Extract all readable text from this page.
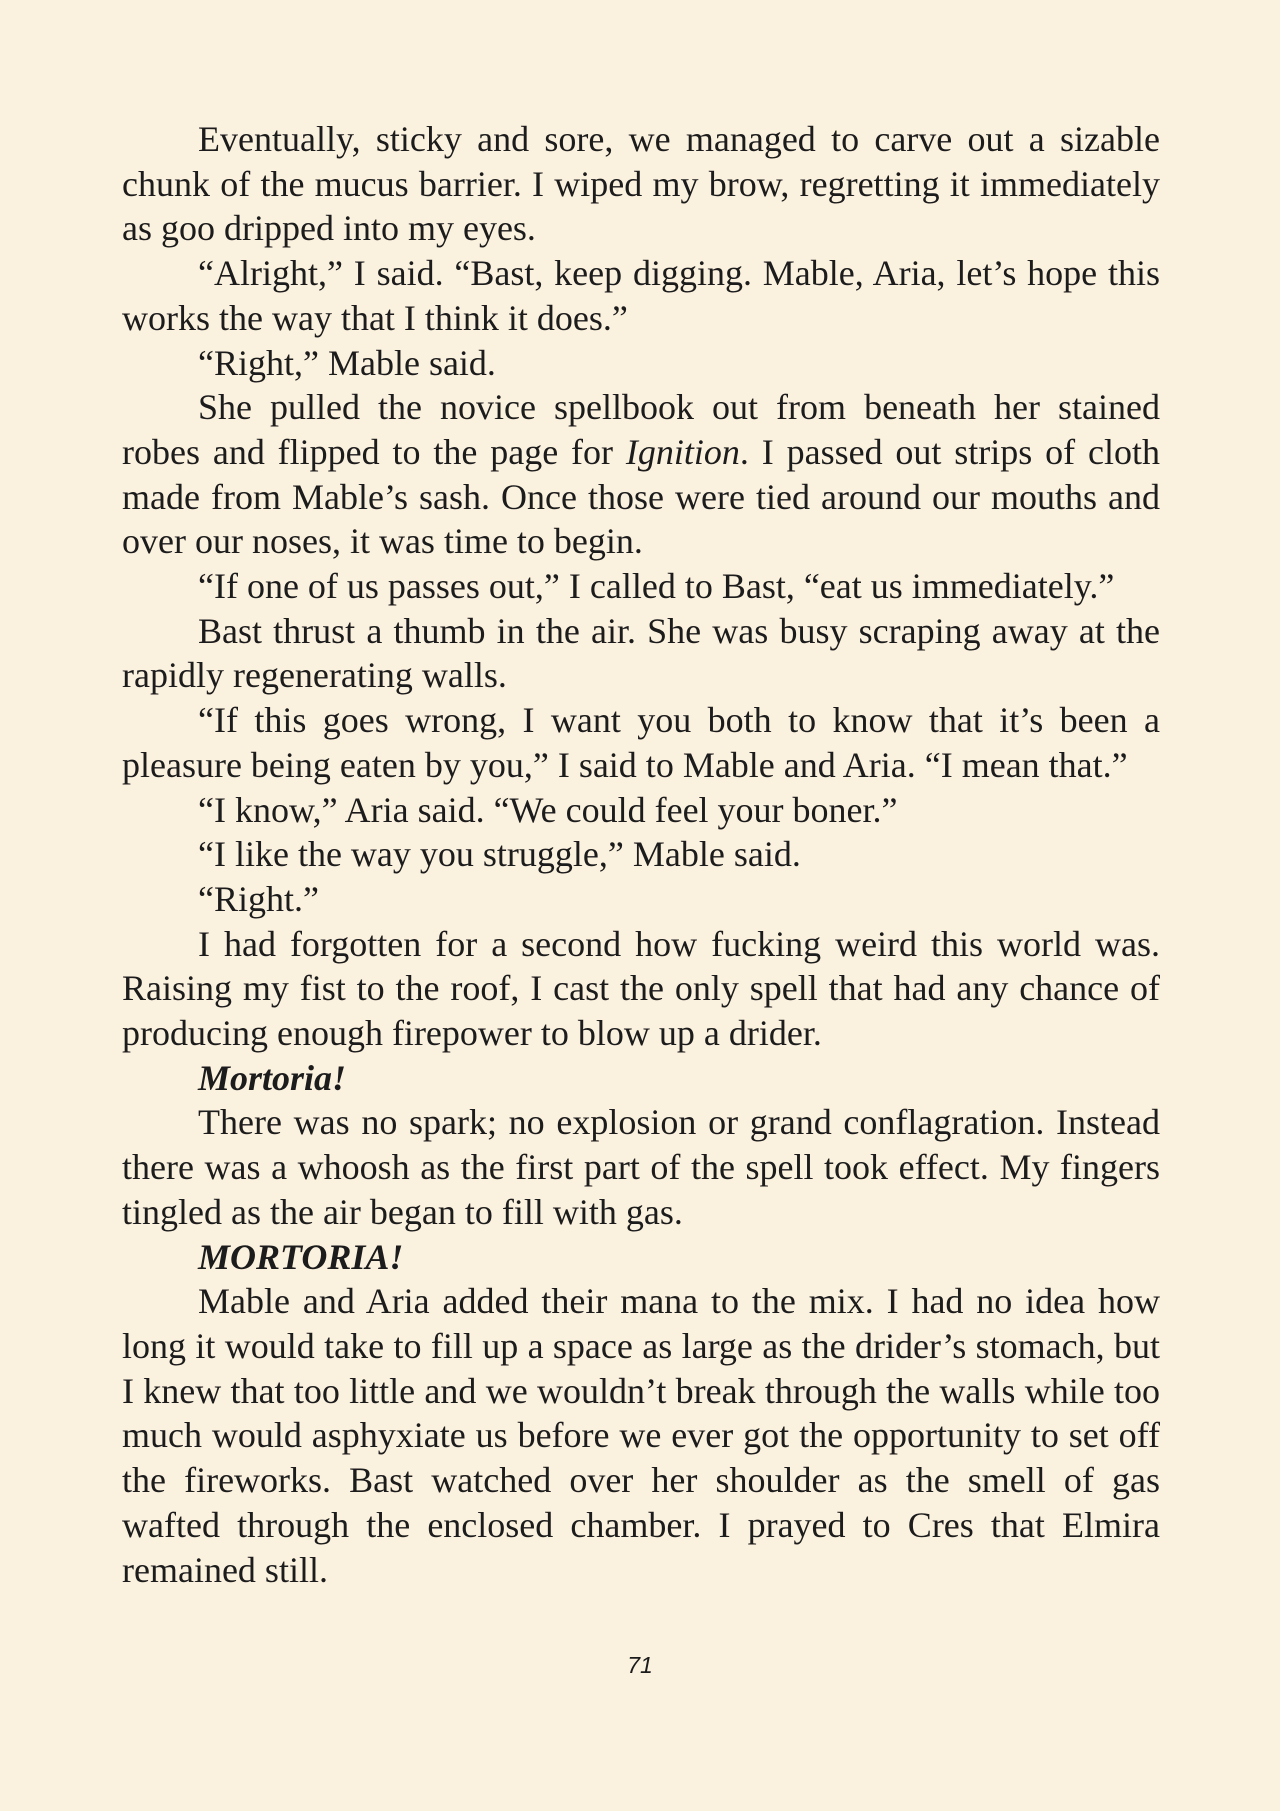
Eventually, sticky and sore, we managed to carve out a sizable chunk of the mucus barrier. I wiped my brow, regretting it immediately as goo dripped into my eyes.

“Alright,” I said. “Bast, keep digging. Mable, Aria, let’s hope this works the way that I think it does.”

“Right,” Mable said.

She pulled the novice spellbook out from beneath her stained robes and flipped to the page for Ignition. I passed out strips of cloth made from Mable’s sash. Once those were tied around our mouths and over our noses, it was time to begin.

“If one of us passes out,” I called to Bast, “eat us immediately.”

Bast thrust a thumb in the air. She was busy scraping away at the rapidly regenerating walls.

“If this goes wrong, I want you both to know that it’s been a pleasure being eaten by you,” I said to Mable and Aria. “I mean that.”

“I know,” Aria said. “We could feel your boner.”

“I like the way you struggle,” Mable said.

“Right.”

I had forgotten for a second how fucking weird this world was. Raising my fist to the roof, I cast the only spell that had any chance of producing enough firepower to blow up a drider.

Mortoria!

There was no spark; no explosion or grand conflagration. Instead there was a whoosh as the first part of the spell took effect. My fingers tingled as the air began to fill with gas.

MORTORIA!

Mable and Aria added their mana to the mix. I had no idea how long it would take to fill up a space as large as the drider’s stomach, but I knew that too little and we wouldn’t break through the walls while too much would asphyxiate us before we ever got the opportunity to set off the fireworks. Bast watched over her shoulder as the smell of gas wafted through the enclosed chamber. I prayed to Cres that Elmira remained still.

71
